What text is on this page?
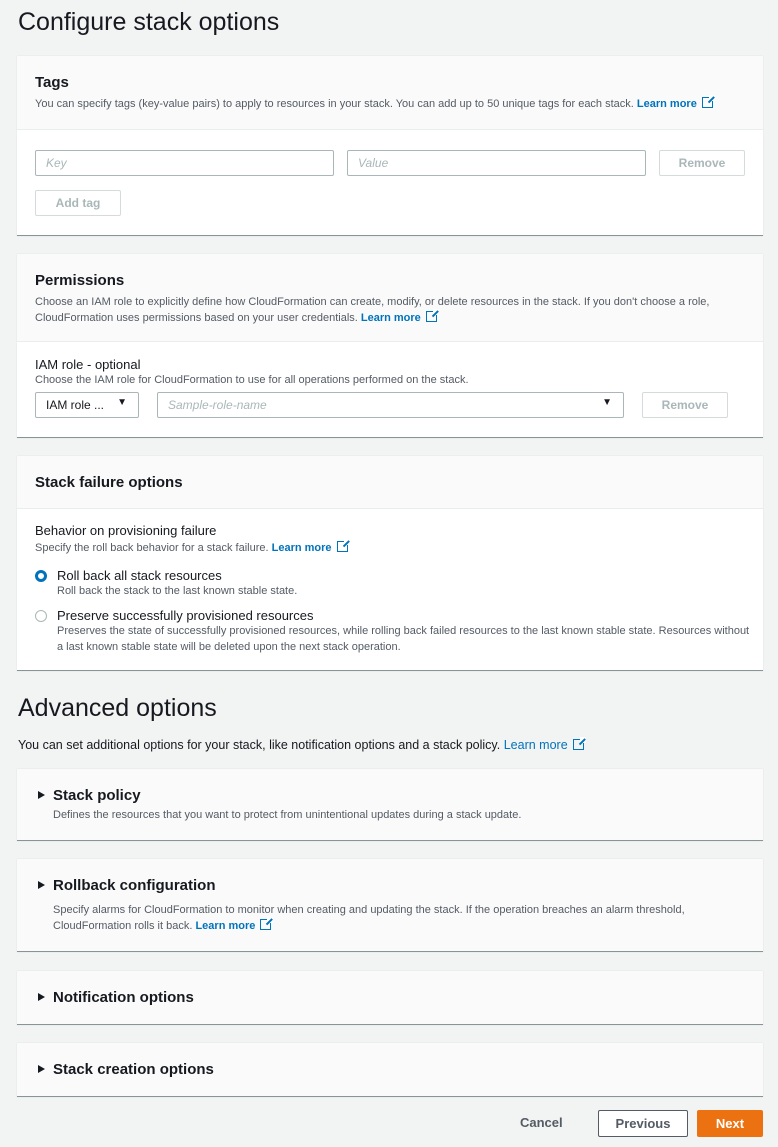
Configure stack options
Tags
You can specify tags (key-value pairs) to apply to resources in your stack. You can add up to 50 unique tags for each stack. Learn more
Key	Value	Remove
Add tag
Permissions
Choose an IAM role to explicitly define how CloudFormation can create, modify, or delete resources in the stack. If you don't choose a role, CloudFormation uses permissions based on your user credentials. Learn more
IAM role - optional
Choose the IAM role for CloudFormation to use for all operations performed on the stack.
IAM role ... ▼	Sample-role-name	▼	Remove
Stack failure options
Behavior on provisioning failure
Specify the roll back behavior for a stack failure. Learn more
Roll back all stack resources
Roll back the stack to the last known stable state.
Preserve successfully provisioned resources
Preserves the state of successfully provisioned resources, while rolling back failed resources to the last known stable state. Resources without a last known stable state will be deleted upon the next stack operation.
Advanced options
You can set additional options for your stack, like notification options and a stack policy. Learn more
Stack policy
Defines the resources that you want to protect from unintentional updates during a stack update.
Rollback configuration
Specify alarms for CloudFormation to monitor when creating and updating the stack. If the operation breaches an alarm threshold, CloudFormation rolls it back. Learn more
Notification options
Stack creation options
Cancel	Previous	Next
